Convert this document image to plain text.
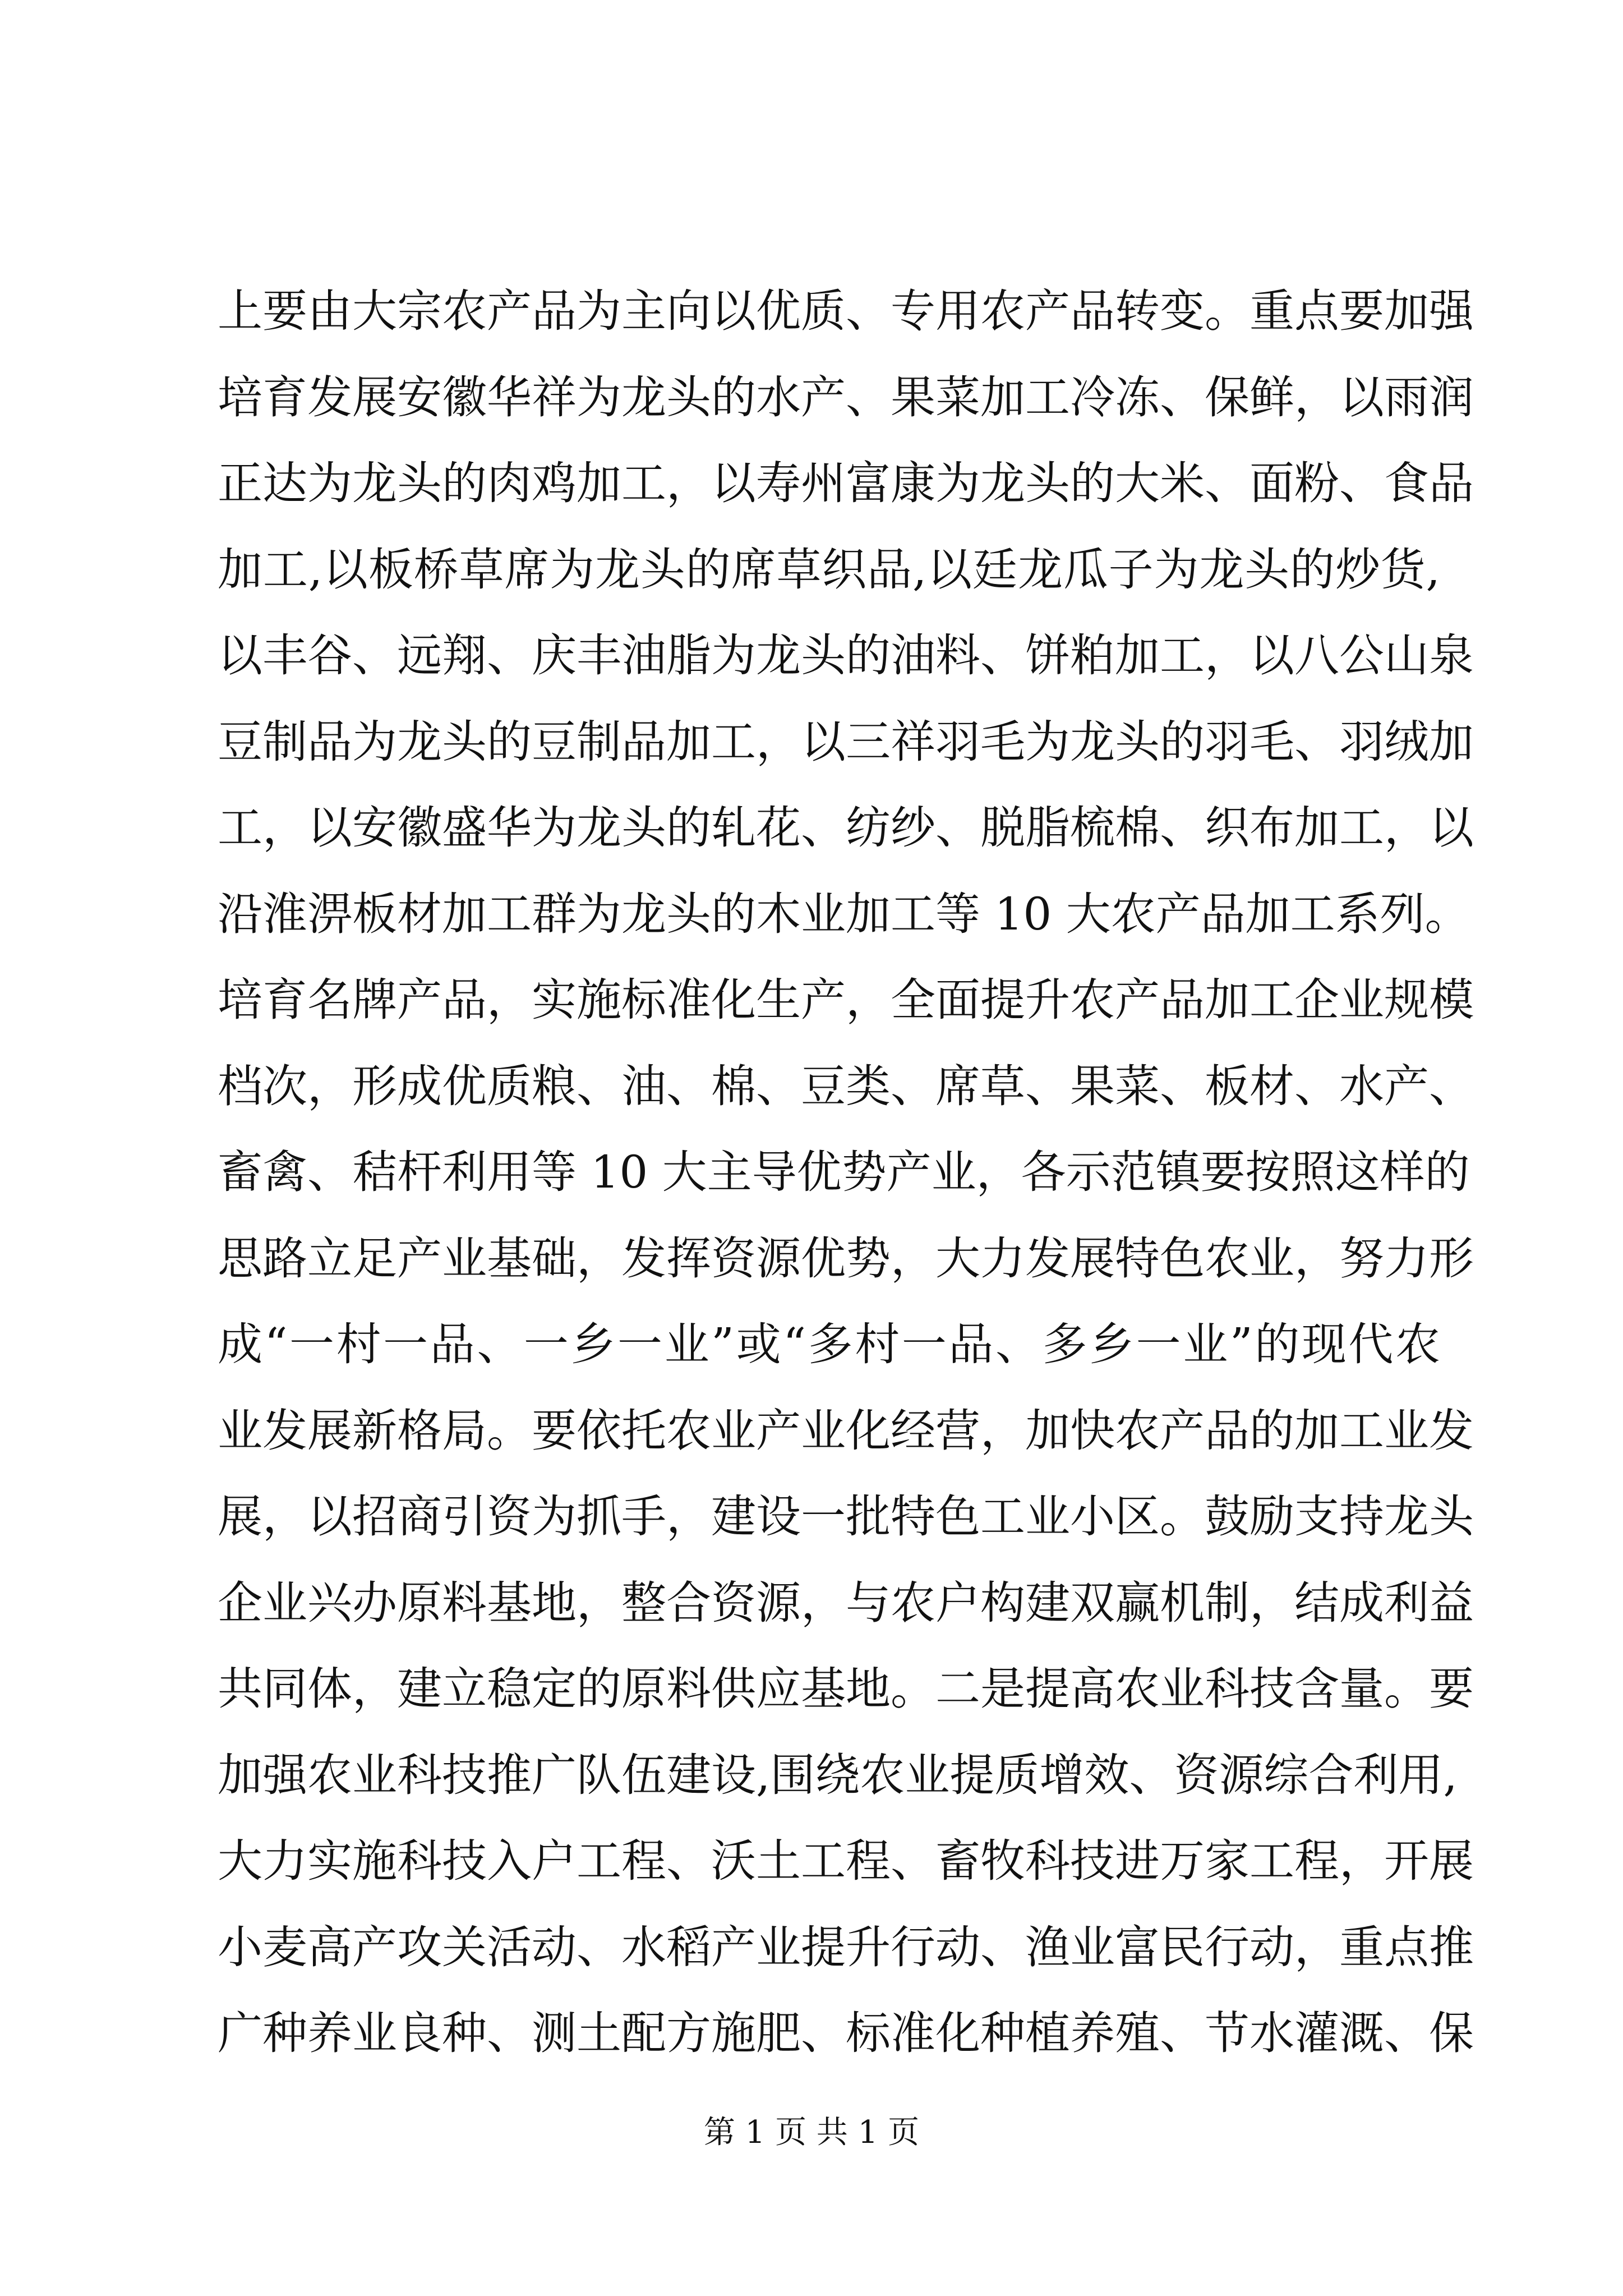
上要由大宗农产品为主向以优质、专用农产品转变。重点要加强
培育发展安徽华祥为龙头的水产、果菜加工冷冻、保鲜，以雨润
正达为龙头的肉鸡加工，以寿州富康为龙头的大米、面粉、食品
加工,以板桥草席为龙头的席草织品,以廷龙瓜子为龙头的炒货,
以丰谷、远翔、庆丰油脂为龙头的油料、饼粕加工，以八公山泉
豆制品为龙头的豆制品加工，以三祥羽毛为龙头的羽毛、羽绒加
工，以安徽盛华为龙头的轧花、纺纱、脱脂梳棉、织布加工，以
沿淮淠板材加工群为龙头的木业加工等 10 大农产品加工系列。
培育名牌产品，实施标准化生产，全面提升农产品加工企业规模
档次，形成优质粮、油、棉、豆类、席草、果菜、板材、水产、
畜禽、秸杆利用等 10 大主导优势产业，各示范镇要按照这样的
思路立足产业基础，发挥资源优势，大力发展特色农业，努力形
成“一村一品、一乡一业”或“多村一品、多乡一业”的现代农
业发展新格局。要依托农业产业化经营，加快农产品的加工业发
展，以招商引资为抓手，建设一批特色工业小区。鼓励支持龙头
企业兴办原料基地，整合资源，与农户构建双赢机制，结成利益
共同体，建立稳定的原料供应基地。二是提高农业科技含量。要
加强农业科技推广队伍建设,围绕农业提质增效、资源综合利用,
大力实施科技入户工程、沃土工程、畜牧科技进万家工程，开展
小麦高产攻关活动、水稻产业提升行动、渔业富民行动，重点推
广种养业良种、测土配方施肥、标准化种植养殖、节水灌溉、保
第 1 页 共 1 页
